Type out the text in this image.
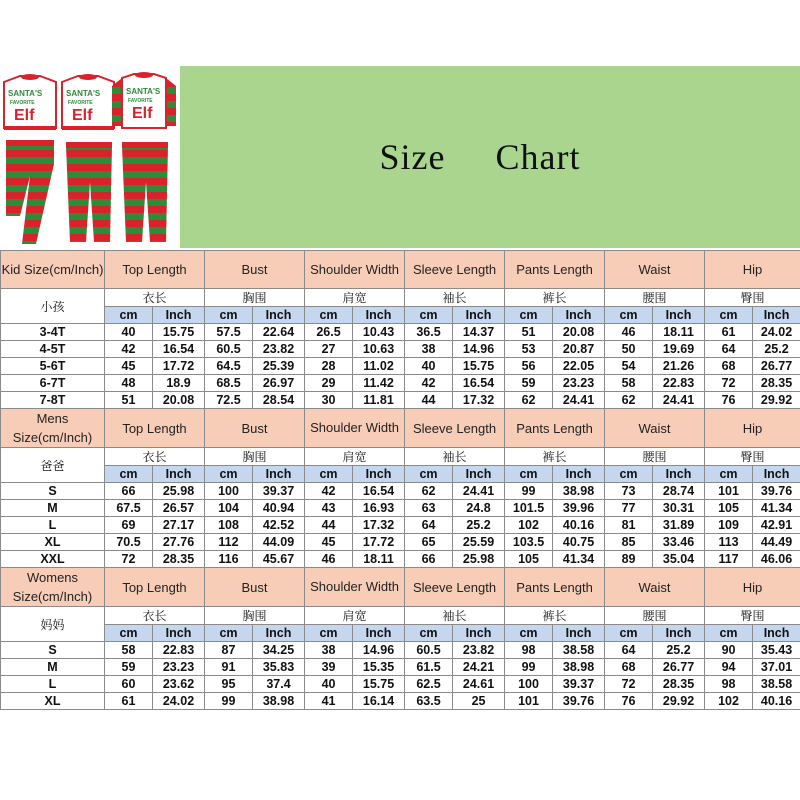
SANTA'S
FAVORITE
Elf
SANTA'S
FAVORITE
Elf
SANTA'S
FAVORITE
Elf
Size Chart
Kid Size(cm/Inch)	Top Length		Bust		Shoulder Width		Sleeve Length		Pants Length		Waist		Hip	
小孩	衣长		胸围		肩宽		袖长		裤长		腰围		臀围	
	cm	Inch	cm	Inch	cm	Inch	cm	Inch	cm	Inch	cm	Inch	cm	Inch
3-4T	40	15.75	57.5	22.64	26.5	10.43	36.5	14.37	51	20.08	46	18.11	61	24.02
4-5T	42	16.54	60.5	23.82	27	10.63	38	14.96	53	20.87	50	19.69	64	25.2
5-6T	45	17.72	64.5	25.39	28	11.02	40	15.75	56	22.05	54	21.26	68	26.77
6-7T	48	18.9	68.5	26.97	29	11.42	42	16.54	59	23.23	58	22.83	72	28.35
7-8T	51	20.08	72.5	28.54	30	11.81	44	17.32	62	24.41	62	24.41	76	29.92
Mens Size(cm/Inch)	Top Length		Bust		Shoulder Width		Sleeve Length		Pants Length		Waist		Hip	
爸爸	衣长		胸围		肩宽		袖长		裤长		腰围		臀围	
	cm	Inch	cm	Inch	cm	Inch	cm	Inch	cm	Inch	cm	Inch	cm	Inch
S	66	25.98	100	39.37	42	16.54	62	24.41	99	38.98	73	28.74	101	39.76
M	67.5	26.57	104	40.94	43	16.93	63	24.8	101.5	39.96	77	30.31	105	41.34
L	69	27.17	108	42.52	44	17.32	64	25.2	102	40.16	81	31.89	109	42.91
XL	70.5	27.76	112	44.09	45	17.72	65	25.59	103.5	40.75	85	33.46	113	44.49
XXL	72	28.35	116	45.67	46	18.11	66	25.98	105	41.34	89	35.04	117	46.06
Womens Size(cm/Inch)	Top Length		Bust		Shoulder Width		Sleeve Length		Pants Length		Waist		Hip	
妈妈	衣长		胸围		肩宽		袖长		裤长		腰围		臀围	
	cm	Inch	cm	Inch	cm	Inch	cm	Inch	cm	Inch	cm	Inch	cm	Inch
S	58	22.83	87	34.25	38	14.96	60.5	23.82	98	38.58	64	25.2	90	35.43
M	59	23.23	91	35.83	39	15.35	61.5	24.21	99	38.98	68	26.77	94	37.01
L	60	23.62	95	37.4	40	15.75	62.5	24.61	100	39.37	72	28.35	98	38.58
XL	61	24.02	99	38.98	41	16.14	63.5	25	101	39.76	76	29.92	102	40.16
